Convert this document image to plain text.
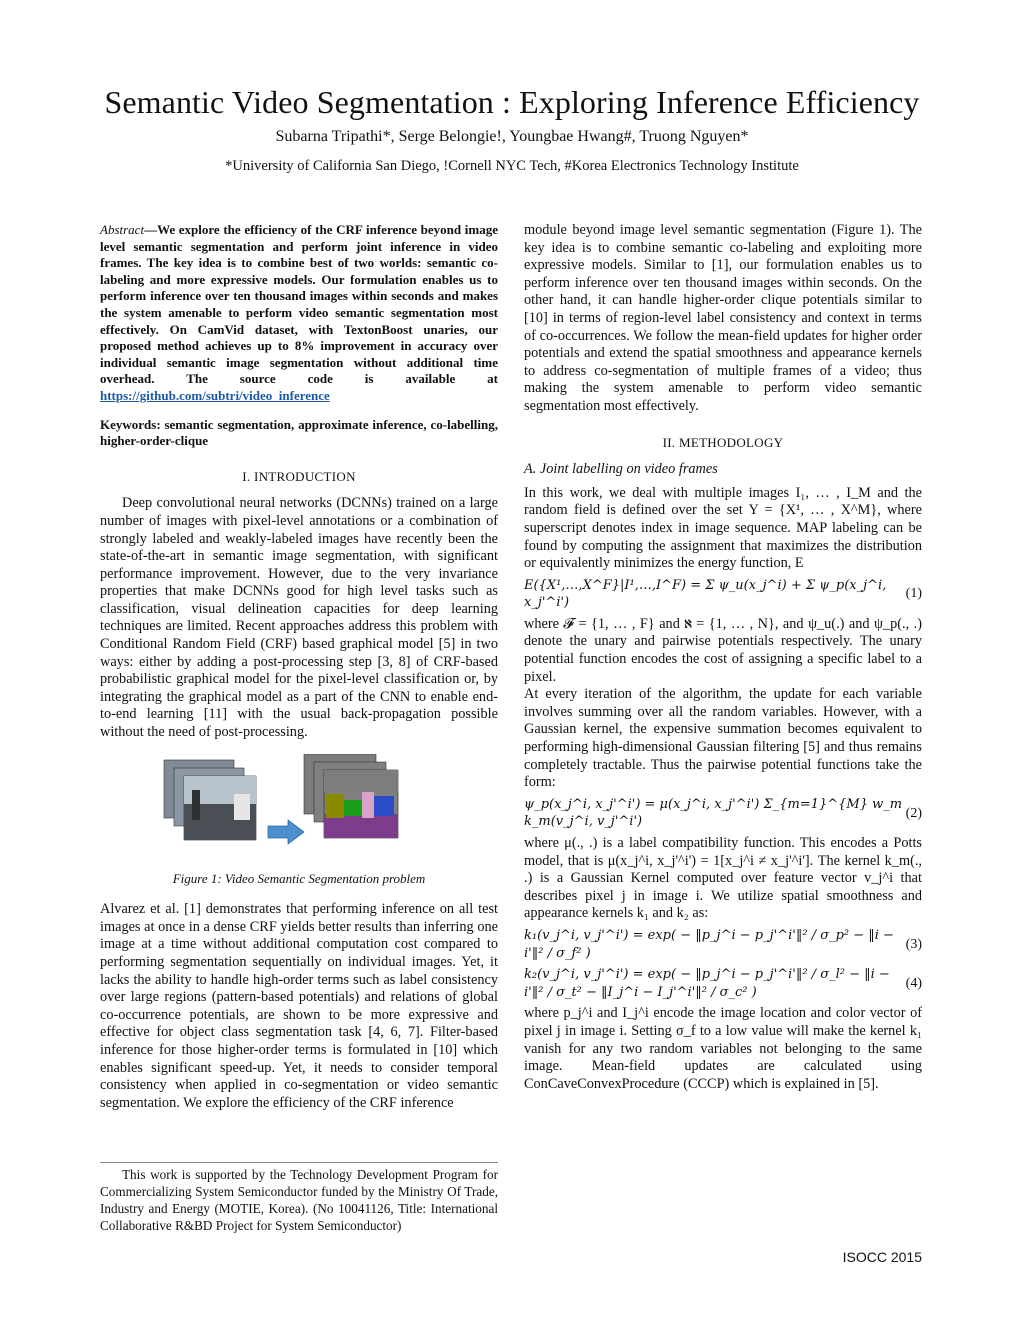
Semantic Video Segmentation : Exploring Inference Efficiency
Subarna Tripathi*, Serge Belongie!, Youngbae Hwang#, Truong Nguyen*
*University of California San Diego, !Cornell NYC Tech, #Korea Electronics Technology Institute

Abstract—We explore the efficiency of the CRF inference beyond image level semantic segmentation and perform joint inference in video frames. The key idea is to combine best of two worlds: semantic co-labeling and more expressive models. Our formulation enables us to perform inference over ten thousand images within seconds and makes the system amenable to perform video semantic segmentation most effectively. On CamVid dataset, with TextonBoost unaries, our proposed method achieves up to 8% improvement in accuracy over individual semantic image segmentation without additional time overhead. The source code is available at https://github.com/subtri/video_inference

Keywords: semantic segmentation, approximate inference, co-labelling, higher-order-clique

I. INTRODUCTION

Deep convolutional neural networks (DCNNs) trained on a large number of images with pixel-level annotations or a combination of strongly labeled and weakly-labeled images have recently been the state-of-the-art in semantic image segmentation, with significant performance improvement. However, due to the very invariance properties that make DCNNs good for high level tasks such as classification, visual delineation capacities for deep learning techniques are limited. Recent approaches address this problem with Conditional Random Field (CRF) based graphical model [5] in two ways: either by adding a post-processing step [3, 8] of CRF-based probabilistic graphical model for the pixel-level classification or, by integrating the graphical model as a part of the CNN to enable end-to-end learning [11] with the usual back-propagation possible without the need of post-processing.

Figure 1: Video Semantic Segmentation problem

Alvarez et al. [1] demonstrates that performing inference on all test images at once in a dense CRF yields better results than inferring one image at a time without additional computation cost compared to performing segmentation sequentially on individual images. Yet, it lacks the ability to handle high-order terms such as label consistency over large regions (pattern-based potentials) and relations of global co-occurrence potentials, are shown to be more expressive and effective for object class segmentation task [4, 6, 7]. Filter-based inference for those higher-order terms is formulated in [10] which enables significant speed-up. Yet, it needs to consider temporal consistency when applied in co-segmentation or video semantic segmentation. We explore the efficiency of the CRF inference

module beyond image level semantic segmentation (Figure 1). The key idea is to combine semantic co-labeling and exploiting more expressive models. Similar to [1], our formulation enables us to perform inference over ten thousand images within seconds. On the other hand, it can handle higher-order clique potentials similar to [10] in terms of region-level label consistency and context in terms of co-occurrences. We follow the mean-field updates for higher order potentials and extend the spatial smoothness and appearance kernels to address co-segmentation of multiple frames of a video; thus making the system amenable to perform video semantic segmentation most effectively.

II. METHODOLOGY
A. Joint labelling on video frames

In this work, we deal with multiple images I₁, … , I_M and the random field is defined over the set Y = {X¹, … , X^M}, where superscript denotes index in image sequence. MAP labeling can be found by computing the assignment that maximizes the distribution or equivalently minimizes the energy function, E

E({X¹,…,X^F}|I¹,…,I^F) = Σ ψ_u(x_j^i) + Σ ψ_p(x_j^i, x_j'^i')
(1)

where 𝓕 = {1, … , F} and ℵ = {1, … , N}, and ψ_u(.) and ψ_p(., .) denote the unary and pairwise potentials respectively. The unary potential function encodes the cost of assigning a specific label to a pixel.

At every iteration of the algorithm, the update for each variable involves summing over all the random variables. However, with a Gaussian kernel, the expensive summation becomes equivalent to performing high-dimensional Gaussian filtering [5] and thus remains completely tractable. Thus the pairwise potential functions take the form:

ψ_p(x_j^i, x_j'^i') = μ(x_j^i, x_j'^i') Σ_{m=1}^{M} w_m k_m(v_j^i, v_j'^i')
(2)

where μ(., .) is a label compatibility function. This encodes a Potts model, that is μ(x_j^i, x_j'^i') = 1[x_j^i ≠ x_j'^i']. The kernel k_m(., .) is a Gaussian Kernel computed over feature vector v_j^i that describes pixel j in image i. We utilize spatial smoothness and appearance kernels k₁ and k₂ as:

k₁(v_j^i, v_j'^i') = exp( − ‖p_j^i − p_j'^i'‖² / σ_p² − ‖i − i'‖² / σ_f² )
(3)
k₂(v_j^i, v_j'^i') = exp( − ‖p_j^i − p_j'^i'‖² / σ_l² − ‖i − i'‖² / σ_t² − ‖I_j^i − I_j'^i'‖² / σ_c² )
(4)

where p_j^i and I_j^i encode the image location and color vector of pixel j in image i. Setting σ_f to a low value will make the kernel k₁ vanish for any two random variables not belonging to the same image. Mean-field updates are calculated using ConCaveConvexProcedure (CCCP) which is explained in [5].

This work is supported by the Technology Development Program for Commercializing System Semiconductor funded by the Ministry Of Trade, Industry and Energy (MOTIE, Korea). (No 10041126, Title: International Collaborative R&BD Project for System Semiconductor)
ISOCC 2015
